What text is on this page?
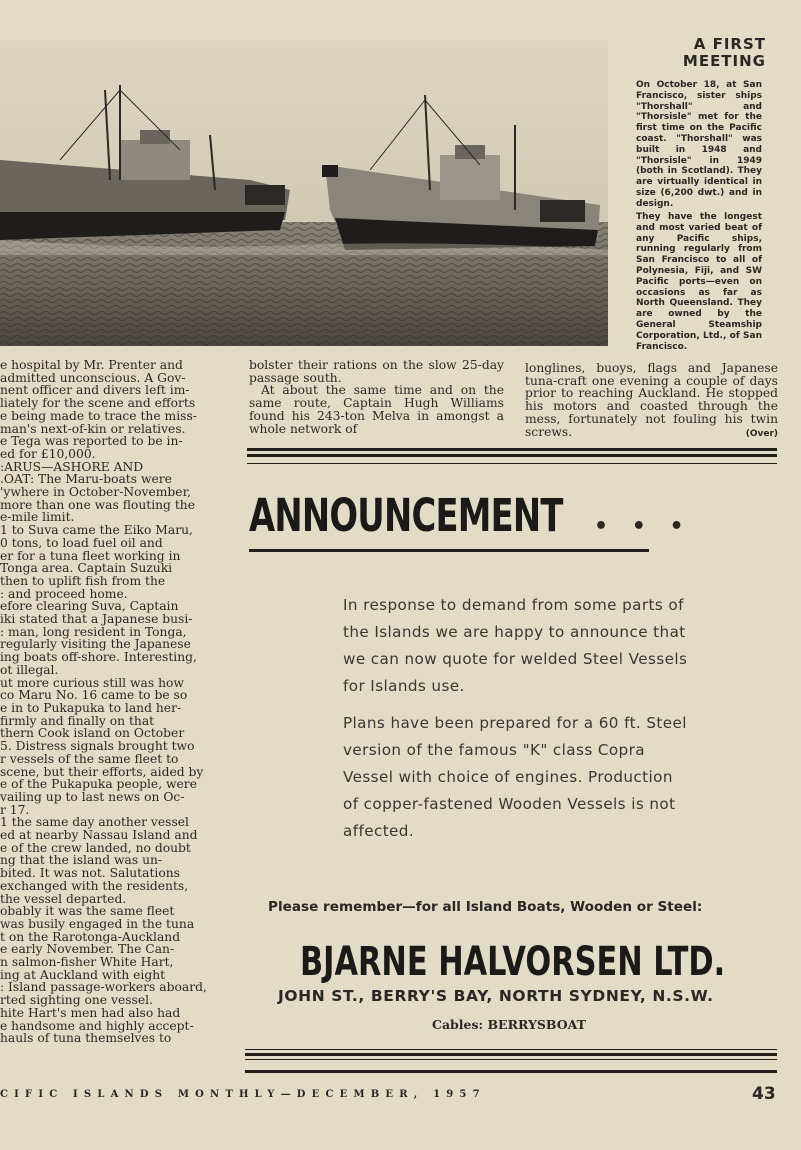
A FIRST
MEETING

On October 18, at San Francisco, sister ships "Thorshall" and "Thorsisle" met for the first time on the Pacific coast. "Thorshall" was built in 1948 and "Thorsisle" in 1949 (both in Scotland). They are virtually identical in size (6,200 dwt.) and in design.

They have the longest and most varied beat of any Pacific ships, running regularly from San Francisco to all of Polynesia, Fiji, and SW Pacific ports—even on occasions as far as North Queensland. They are owned by the General Steamship Corporation, Ltd., of San Francisco.

e hospital by Mr. Prenter and

admitted unconscious. A Gov-

nent officer and divers left im-

liately for the scene and efforts

e being made to trace the miss-

man's next-of-kin or relatives.

e Tega was reported to be in-

ed for £10,000.

:ARUS—ASHORE AND

.OAT: The Maru-boats were

'ywhere in October-November,

more than one was flouting the

e-mile limit.

1 to Suva came the Eiko Maru,

0 tons, to load fuel oil and

er for a tuna fleet working in

Tonga area. Captain Suzuki

then to uplift fish from the

: and proceed home.

efore clearing Suva, Captain

iki stated that a Japanese busi-

: man, long resident in Tonga,

regularly visiting the Japanese

ing boats off-shore. Interesting,

ot illegal.

ut more curious still was how

co Maru No. 16 came to be so

e in to Pukapuka to land her-

firmly and finally on that

thern Cook island on October

5. Distress signals brought two

r vessels of the same fleet to

scene, but their efforts, aided by

e of the Pukapuka people, were

vailing up to last news on Oc-

r 17.

1 the same day another vessel

ed at nearby Nassau Island and

e of the crew landed, no doubt

ng that the island was un-

bited. It was not. Salutations

exchanged with the residents,

the vessel departed.

obably it was the same fleet

was busily engaged in the tuna

t on the Rarotonga-Auckland

e early November. The Can-

n salmon-fisher White Hart,

ing at Auckland with eight

: Island passage-workers aboard,

rted sighting one vessel.

hite Hart's men had also had

e handsome and highly accept-

hauls of tuna themselves to

bolster their rations on the slow 25-day passage south.

At about the same time and on the same route, Captain Hugh Williams found his 243-ton Melva in amongst a whole network of

longlines, buoys, flags and Japanese tuna-craft one evening a couple of days prior to reaching Auckland. He stopped his motors and coasted through the mess, fortunately not fouling his twin screws.	(Over)

ANNOUNCEMENT • • •

In response to demand from some parts of the Islands we are happy to announce that we can now quote for welded Steel Vessels for Islands use.

Plans have been prepared for a 60 ft. Steel version of the famous "K" class Copra Vessel with choice of engines. Production of copper-fastened Wooden Vessels is not affected.

Please remember—for all Island Boats, Wooden or Steel:

BJARNE HALVORSEN LTD.

JOHN ST., BERRY'S BAY, NORTH SYDNEY, N.S.W.

Cables: BERRYSBOAT

CIFIC ISLANDS MONTHLY—DECEMBER, 1957	43
